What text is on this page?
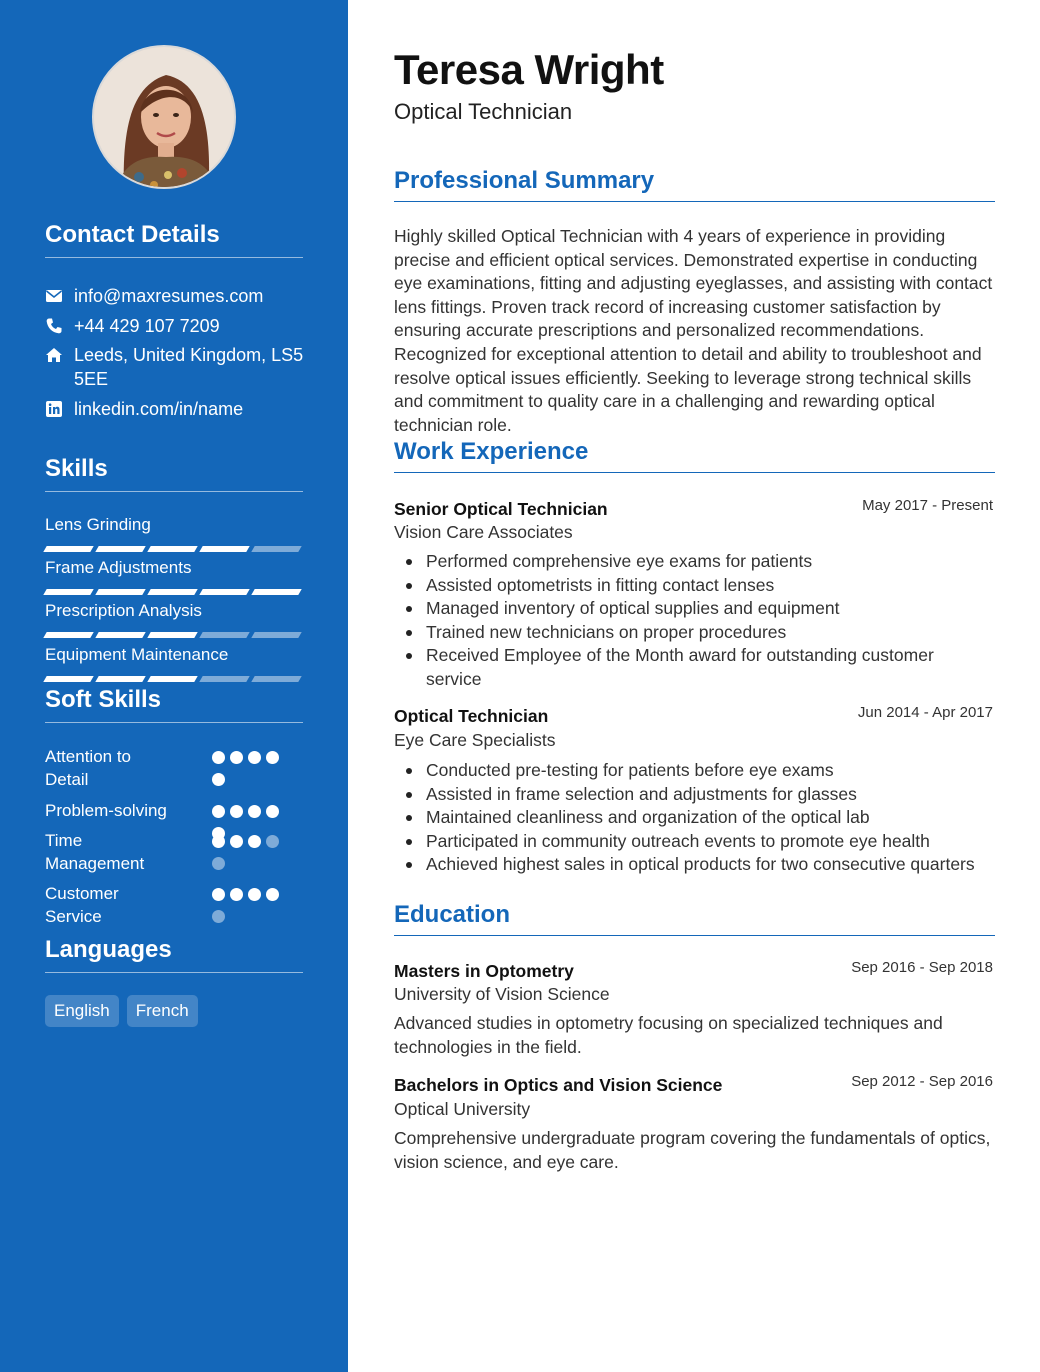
Contact Details
info@maxresumes.com
+44 429 107 7209
Leeds, United Kingdom, LS5 5EE
linkedin.com/in/name
Skills
Lens Grinding
Frame Adjustments
Prescription Analysis
Equipment Maintenance
Soft Skills
Attention to Detail
Problem-solving
Time Management
Customer Service
Languages
English	French
Teresa Wright
Optical Technician
Professional Summary
Highly skilled Optical Technician with 4 years of experience in providing precise and efficient optical services. Demonstrated expertise in conducting eye examinations, fitting and adjusting eyeglasses, and assisting with contact lens fittings. Proven track record of increasing customer satisfaction by ensuring accurate prescriptions and personalized recommendations. Recognized for exceptional attention to detail and ability to troubleshoot and resolve optical issues efficiently. Seeking to leverage strong technical skills and commitment to quality care in a challenging and rewarding optical technician role.
Work Experience
Senior Optical Technician	May 2017 - Present
Vision Care Associates
Performed comprehensive eye exams for patients
Assisted optometrists in fitting contact lenses
Managed inventory of optical supplies and equipment
Trained new technicians on proper procedures
Received Employee of the Month award for outstanding customer service
Optical Technician	Jun 2014 - Apr 2017
Eye Care Specialists
Conducted pre-testing for patients before eye exams
Assisted in frame selection and adjustments for glasses
Maintained cleanliness and organization of the optical lab
Participated in community outreach events to promote eye health
Achieved highest sales in optical products for two consecutive quarters
Education
Masters in Optometry	Sep 2016 - Sep 2018
University of Vision Science
Advanced studies in optometry focusing on specialized techniques and technologies in the field.
Bachelors in Optics and Vision Science	Sep 2012 - Sep 2016
Optical University
Comprehensive undergraduate program covering the fundamentals of optics, vision science, and eye care.
